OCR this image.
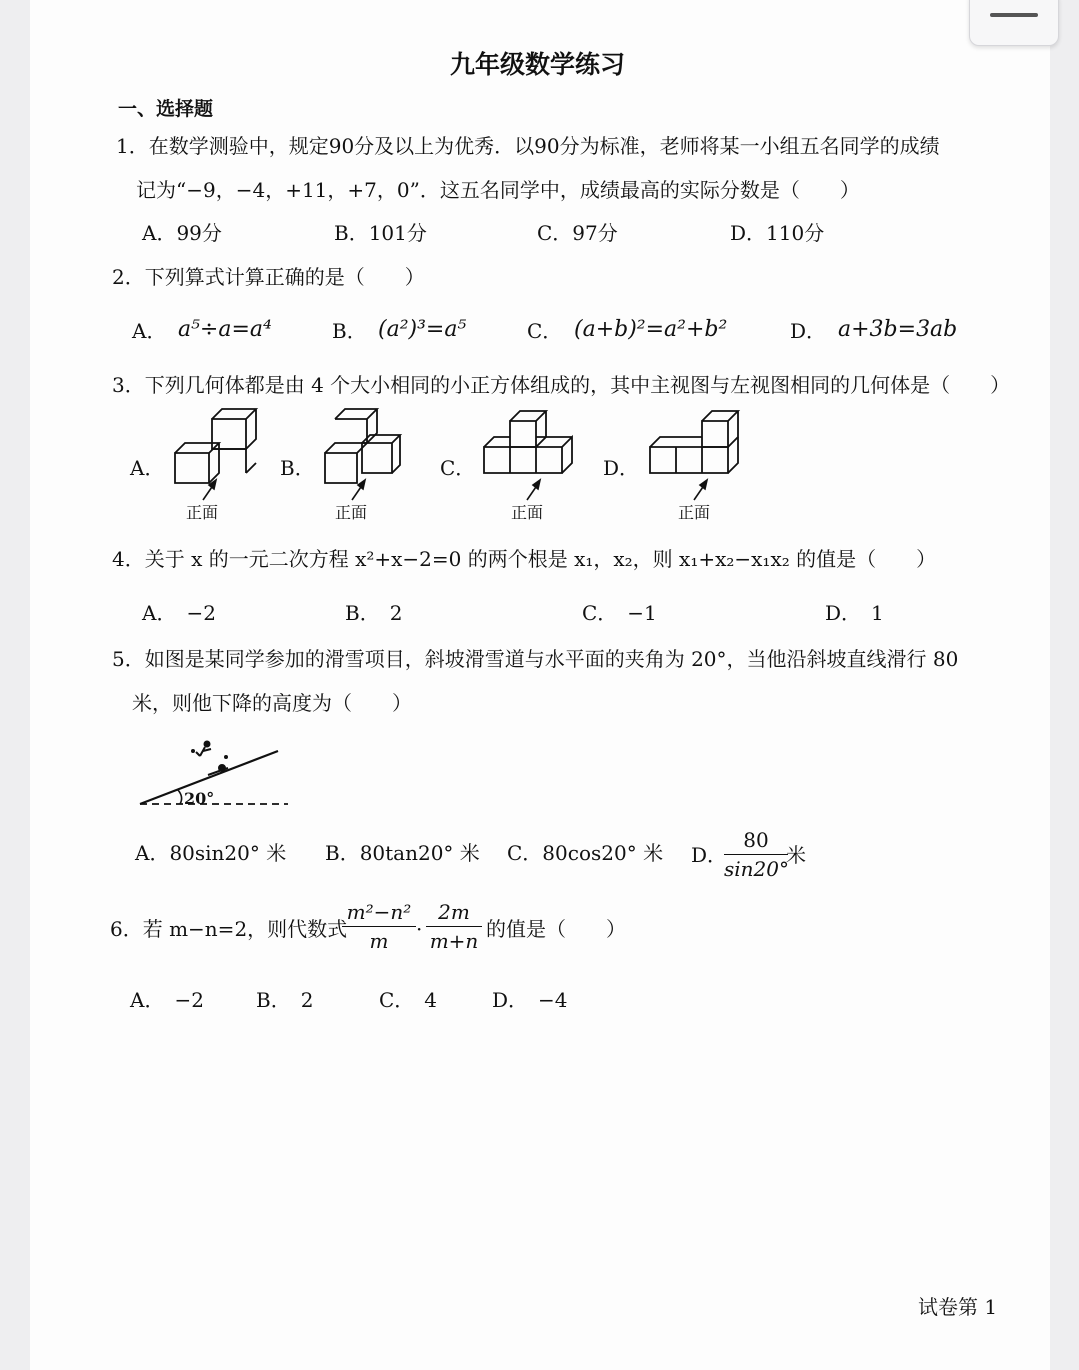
九年级数学练习
一、选择题
1．在数学测验中，规定90分及以上为优秀．以90分为标准，老师将某一小组五名同学的成绩
记为“−9，−4，+11，+7，0”．这五名同学中，成绩最高的实际分数是（　　）
A．99分	B．101分	C．97分	D．110分
2．下列算式计算正确的是（　　）
A． a⁵÷a=a⁴	B． (a²)³=a⁵	C． (a+b)²=a²+b²	D． a+3b=3ab
3．下列几何体都是由 4 个大小相同的小正方体组成的，其中主视图与左视图相同的几何体是（　　）
A．	B．	C．	D．
正面	正面	正面	正面
4．关于 x 的一元二次方程 x²+x−2=0 的两个根是 x₁，x₂，则 x₁+x₂−x₁x₂ 的值是（　　）
A．　−2	B．　2	C．　−1	D．　1
5．如图是某同学参加的滑雪项目，斜坡滑雪道与水平面的夹角为 20°，当他沿斜坡直线滑行 80
米，则他下降的高度为（　　）
20°
A．80sin20° 米 B．80tan20° 米 C．80cos20° 米 D．
$\frac{80}{\sin 20^\circ}$
米
6．若 m−n=2，则代数式
$\frac{\text{m²−n²}}{m} \cdot \frac{2m}{m+n}$ 的值是（　　）
A．　−2	B．　2	C．　4	D．　−4
试卷第 1
